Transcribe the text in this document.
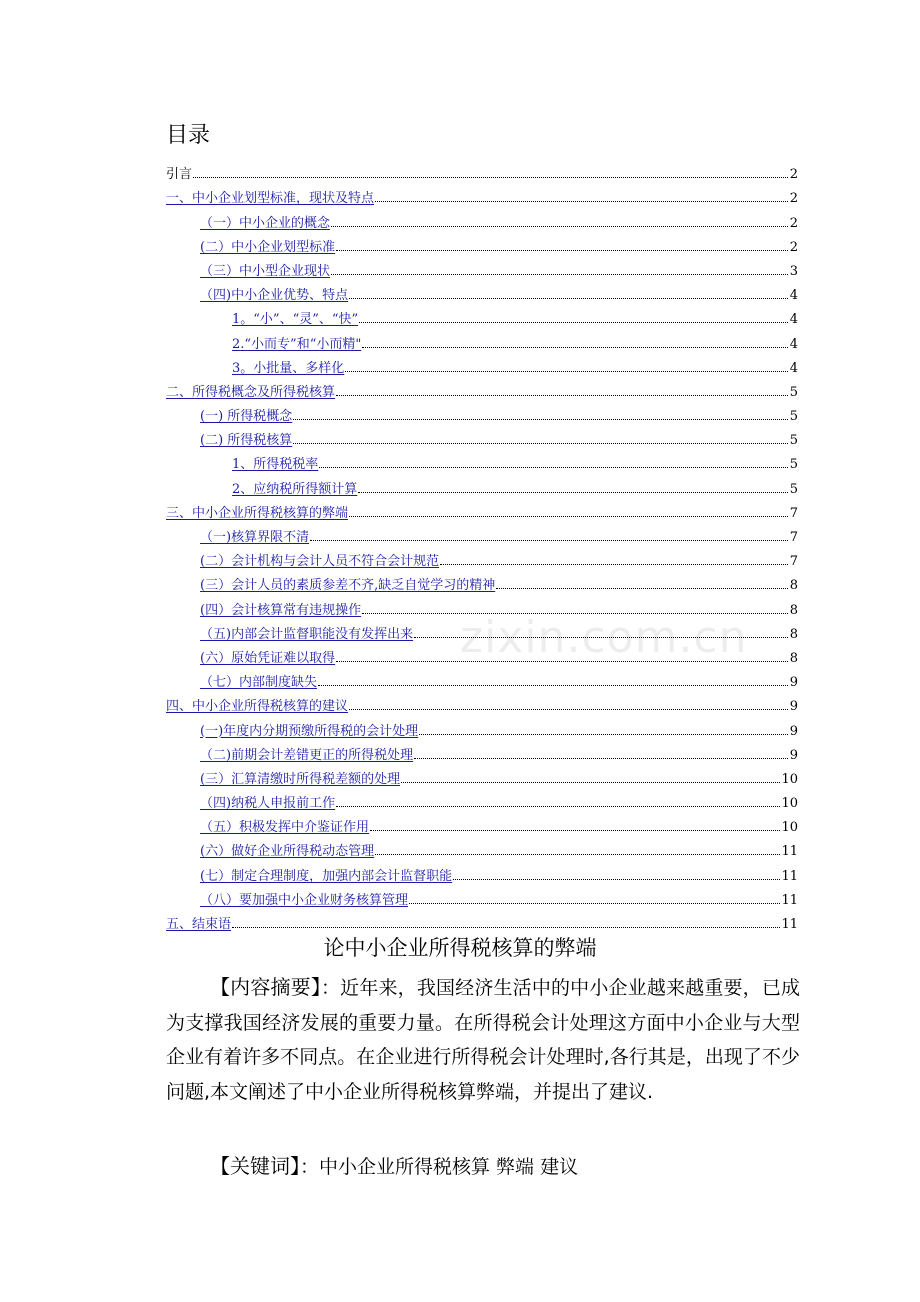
目录
引言	2
一、中小企业划型标准，现状及特点	2
（一）中小企业的概念	2
(二）中小企业划型标准	2
（三）中小型企业现状	3
（四)中小企业优势、特点	4
1。“小”、“灵”、“快”	4
2.“小而专”和“小而精"	4
3。小批量、多样化	4
二、所得税概念及所得税核算	5
(一) 所得税概念	5
(二) 所得税核算	5
1、所得税税率	5
2、应纳税所得额计算	5
三、中小企业所得税核算的弊端	7
（一)核算界限不清	7
(二）会计机构与会计人员不符合会计规范	7
(三）会计人员的素质参差不齐,缺乏自觉学习的精神	8
(四）会计核算常有违规操作	8
（五)内部会计监督职能没有发挥出来	8
(六）原始凭证难以取得	8
（七）内部制度缺失	9
四、中小企业所得税核算的建议	9
(一)年度内分期预缴所得税的会计处理	9
（二)前期会计差错更正的所得税处理	9
(三）汇算清缴时所得税差额的处理	10
（四)纳税人申报前工作	10
（五）积极发挥中介鉴证作用	10
(六）做好企业所得税动态管理	11
(七）制定合理制度，加强内部会计监督职能	11
（八）要加强中小企业财务核算管理	11
五、结束语	11
zixin.com.cn
论中小企业所得税核算的弊端

【内容摘要】：近年来，我国经济生活中的中小企业越来越重要，已成为支撑我国经济发展的重要力量。在所得税会计处理这方面中小企业与大型企业有着许多不同点。在企业进行所得税会计处理时,各行其是，出现了不少问题,本文阐述了中小企业所得税核算弊端，并提出了建议.

【关键词】：中小企业所得税核算 弊端 建议
